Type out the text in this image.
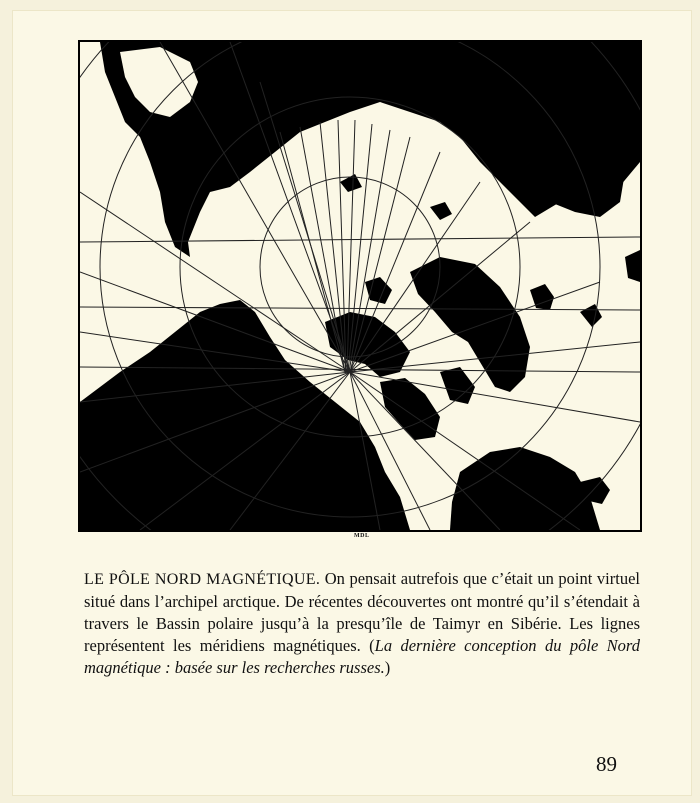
MDL

LE PÔLE NORD MAGNÉTIQUE. On pensait autrefois que c’était un point virtuel situé dans l’archipel arctique. De récentes découvertes ont montré qu’il s’étendait à travers le Bassin polaire jusqu’à la presqu’île de Taimyr en Sibérie. Les lignes représentent les méridiens magnétiques. (La dernière conception du pôle Nord magnétique : basée sur les recherches russes.)

89
